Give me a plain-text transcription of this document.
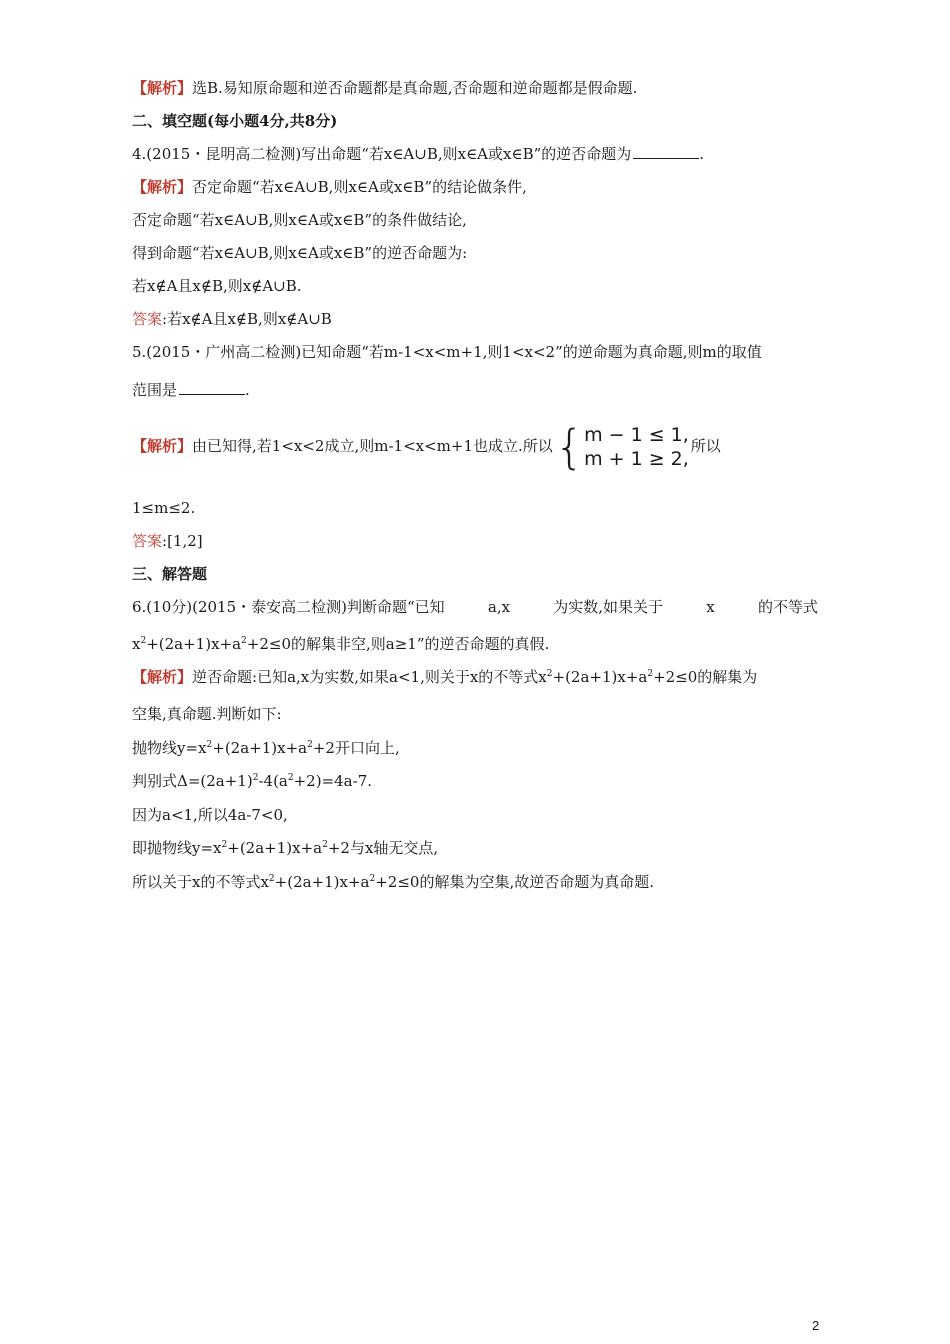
【解析】选B.易知原命题和逆否命题都是真命题,否命题和逆命题都是假命题.
二、填空题(每小题4分,共8分)
4.(2015・昆明高二检测)写出命题“若x∈A∪B,则x∈A或x∈B”的逆否命题为	.
【解析】否定命题“若x∈A∪B,则x∈A或x∈B”的结论做条件,
否定命题“若x∈A∪B,则x∈A或x∈B”的条件做结论,
得到命题“若x∈A∪B,则x∈A或x∈B”的逆否命题为:
若x∉A且x∉B,则x∉A∪B.
答案:若x∉A且x∉B,则x∉A∪B
5.(2015・广州高二检测)已知命题“若m-1<x<m+1,则1<x<2”的逆命题为真命题,则m的取值
范围是	.
【解析】由已知得,若1<x<2成立,则m-1<x<m+1也成立.所以 { m − 1 ≤ 1,
m + 1 ≥ 2,
所以
1≤m≤2.
答案:[1,2]
三、解答题
6.(10分)(2015・泰安高二检测)判断命题“已知	a,x	为实数,如果关于	x	的不等式
$x^2+(2a+1)x+a^2+2\le 0$的解集非空,则a≥1”的逆否命题的真假.
【解析】逆否命题:已知a,x为实数,如果a<1,则关于x的不等式$x^2+(2a+1)x+a^2+2\le 0$的解集为
空集,真命题.判断如下:
抛物线$y=x^2+(2a+1)x+a^2+2$开口向上,
判别式$\Delta=(2a+1)^2-4(a^2+2)=4a-7$.
因为a<1,所以4a-7<0,
即抛物线$y=x^2+(2a+1)x+a^2+2$与x轴无交点,
所以关于x的不等式$x^2+(2a+1)x+a^2+2\le 0$的解集为空集,故逆否命题为真命题.
2
